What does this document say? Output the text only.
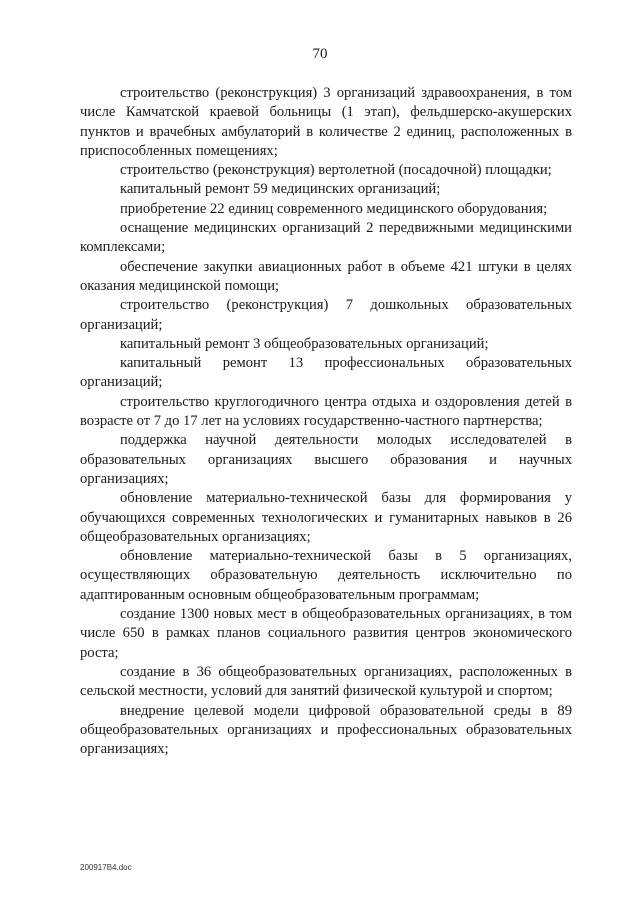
70

строительство (реконструкция) 3 организаций здравоохранения, в том числе Камчатской краевой больницы (1 этап), фельдшерско-акушерских пунктов и врачебных амбулаторий в количестве 2 единиц, расположенных в приспособленных помещениях;

строительство (реконструкция) вертолетной (посадочной) площадки;

капитальный ремонт 59 медицинских организаций;

приобретение 22 единиц современного медицинского оборудования;

оснащение медицинских организаций 2 передвижными медицинскими комплексами;

обеспечение закупки авиационных работ в объеме 421 штуки в целях оказания медицинской помощи;

строительство (реконструкция) 7 дошкольных образовательных организаций;

капитальный ремонт 3 общеобразовательных организаций;

капитальный ремонт 13 профессиональных образовательных организаций;

строительство круглогодичного центра отдыха и оздоровления детей в возрасте от 7 до 17 лет на условиях государственно-частного партнерства;

поддержка научной деятельности молодых исследователей в образовательных организациях высшего образования и научных организациях;

обновление материально-технической базы для формирования у обучающихся современных технологических и гуманитарных навыков в 26 общеобразовательных организациях;

обновление материально-технической базы в 5 организациях, осуществляющих образовательную деятельность исключительно по адаптированным основным общеобразовательным программам;

создание 1300 новых мест в общеобразовательных организациях, в том числе 650 в рамках планов социального развития центров экономического роста;

создание в 36 общеобразовательных организациях, расположенных в сельской местности, условий для занятий физической культурой и спортом;

внедрение целевой модели цифровой образовательной среды в 89 общеобразовательных организациях и профессиональных образовательных организациях;

200917В4.doc
